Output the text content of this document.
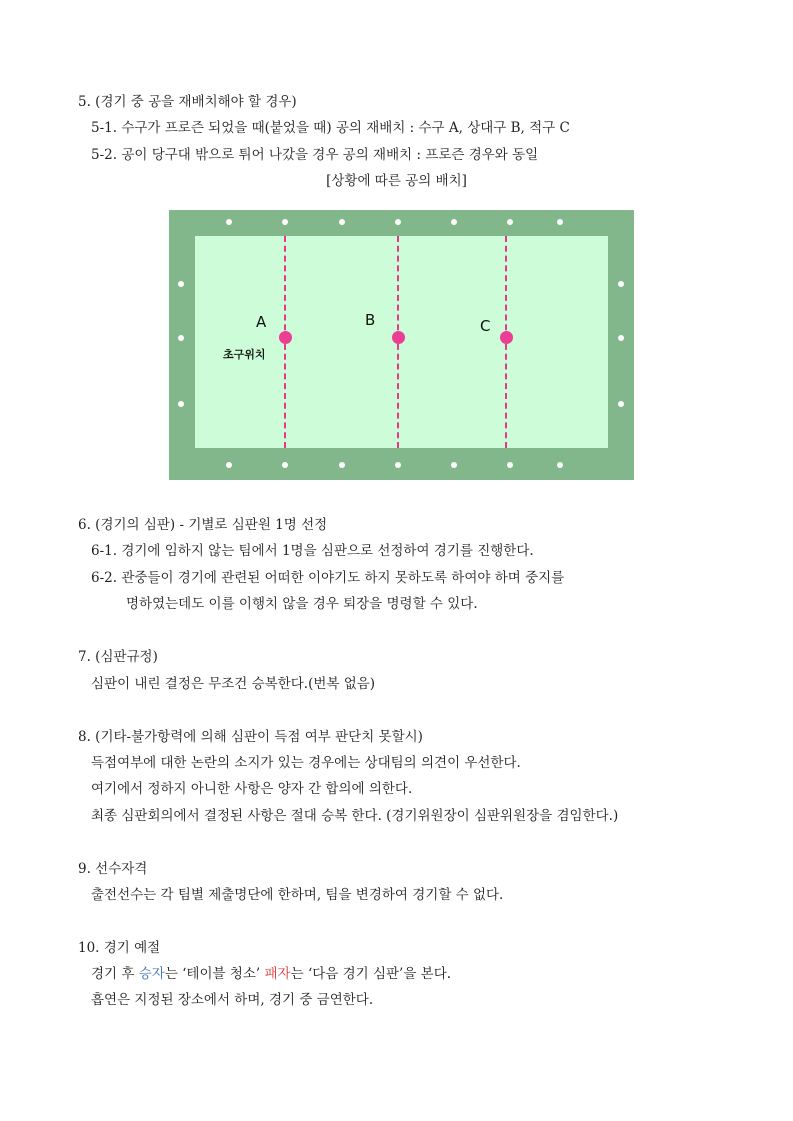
5. (경기 중 공을 재배치해야 할 경우)
5-1. 수구가 프로즌 되었을 때(붙었을 때) 공의 재배치 : 수구 A, 상대구 B, 적구 C
5-2. 공이 당구대 밖으로 튀어 나갔을 경우 공의 재배치 : 프로즌 경우와 동일
[상황에 따른 공의 배치]
A	B	C
초구위치
6. (경기의 심판) - 기별로 심판원 1명 선정
6-1. 경기에 임하지 않는 팀에서 1명을 심판으로 선정하여 경기를 진행한다.
6-2. 관중들이 경기에 관련된 어떠한 이야기도 하지 못하도록 하여야 하며 중지를
명하였는데도 이를 이행치 않을 경우 퇴장을 명령할 수 있다.
7. (심판규정)
심판이 내린 결정은 무조건 승복한다.(번복 없음)
8. (기타-불가항력에 의해 심판이 득점 여부 판단치 못할시)
득점여부에 대한 논란의 소지가 있는 경우에는 상대팀의 의견이 우선한다.
여기에서 정하지 아니한 사항은 양자 간 합의에 의한다.
최종 심판회의에서 결정된 사항은 절대 승복 한다. (경기위원장이 심판위원장을 겸임한다.)
9. 선수자격
출전선수는 각 팀별 제출명단에 한하며, 팀을 변경하여 경기할 수 없다.
10. 경기 예절
경기 후 승자는 ‘테이블 청소’ 패자는 ‘다음 경기 심판’을 본다.
흡연은 지정된 장소에서 하며, 경기 중 금연한다.
